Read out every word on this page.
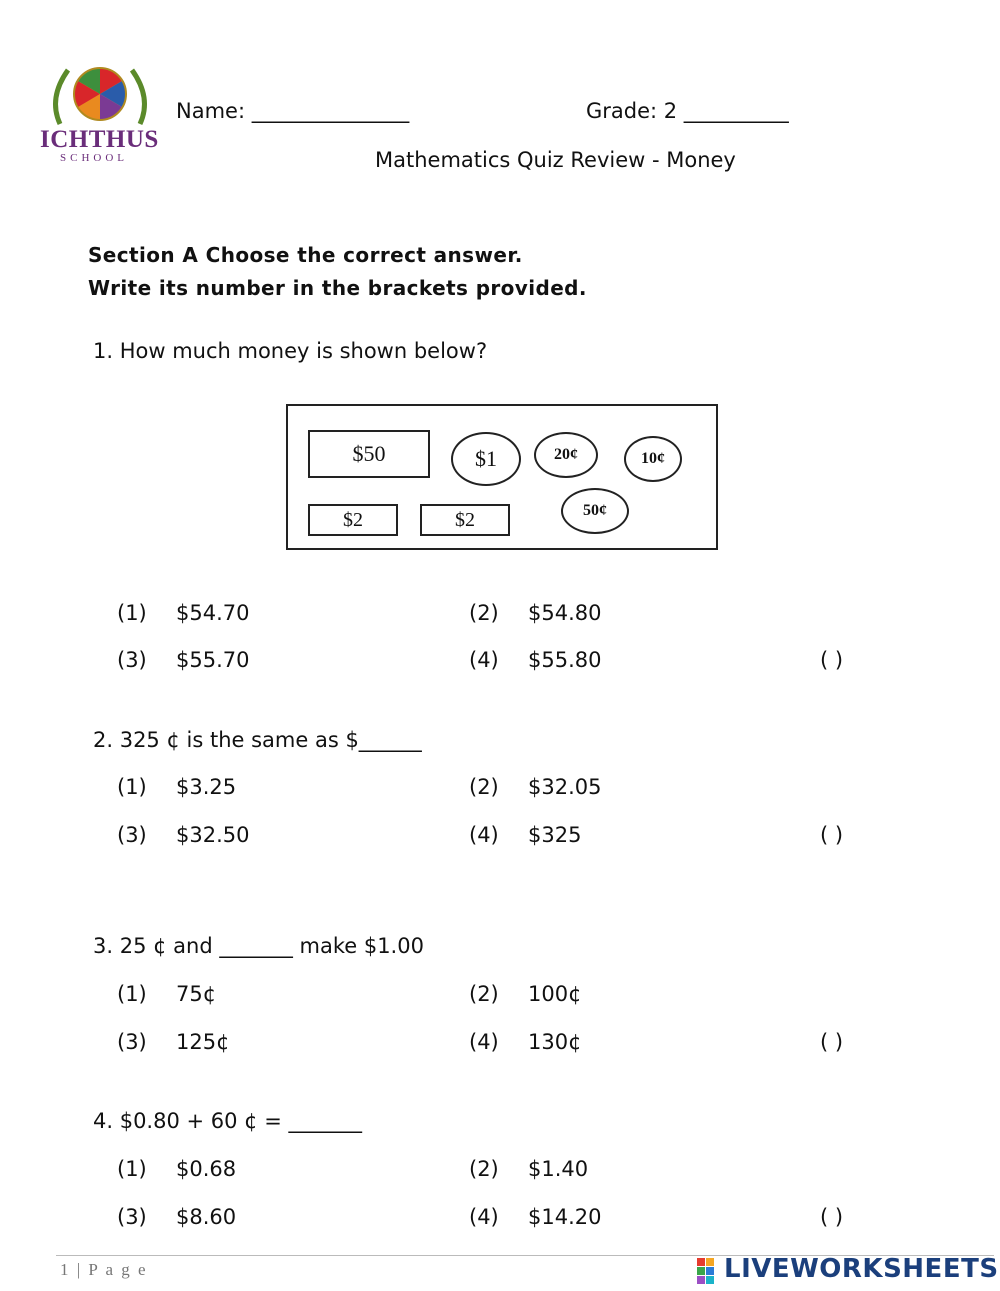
ICHTHUS
SCHOOL
Name: _______________	Grade: 2 __________
Mathematics Quiz Review - Money
Section A Choose the correct answer.
Write its number in the brackets provided.
1. How much money is shown below?
$50	$1	20¢	10¢
$2	$2	50¢
(1) $54.70	(2) $54.80
(3) $55.70	(4) $55.80	( )
2. 325 ¢ is the same as $______
(1) $3.25	(2) $32.05
(3) $32.50	(4) $325	( )
3. 25 ¢ and _______ make $1.00
(1) 75¢	(2) 100¢
(3) 125¢	(4) 130¢	( )
4. $0.80 + 60 ¢ = _______
(1) $0.68	(2) $1.40
(3) $8.60	(4) $14.20	( )
1 | P a g e	LIVEWORKSHEETS
